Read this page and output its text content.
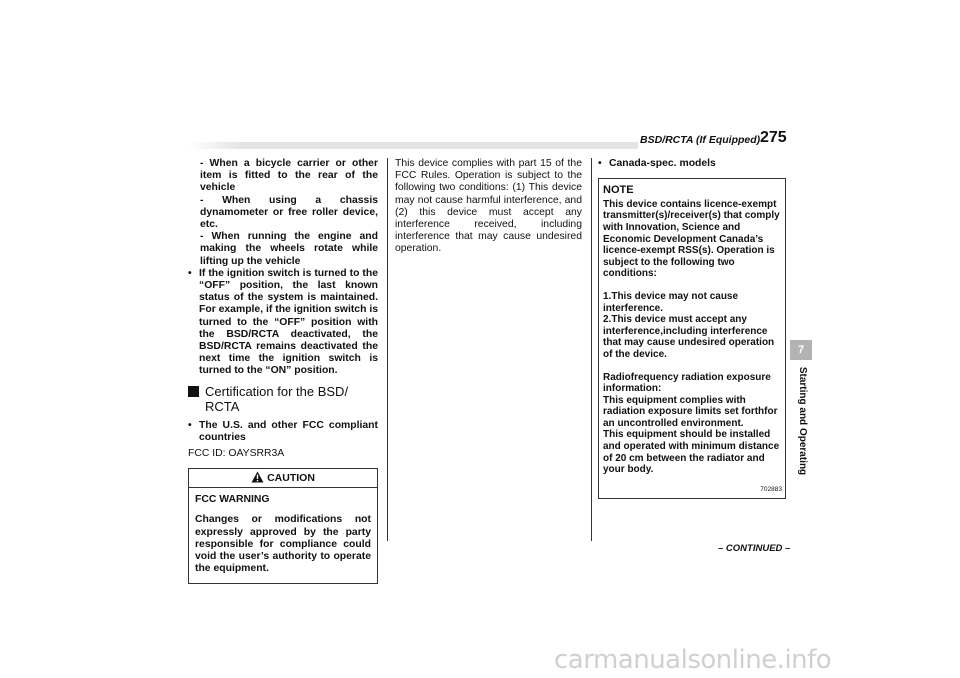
BSD/RCTA (If Equipped) 275
- When a bicycle carrier or other item is fitted to the rear of the vehicle
- When using a chassis dynamometer or free roller device, etc.
- When running the engine and making the wheels rotate while lifting up the vehicle
• If the ignition switch is turned to the “OFF” position, the last known status of the system is maintained. For example, if the ignition switch is turned to the “OFF” position with the BSD/RCTA deactivated, the BSD/RCTA remains deactivated the next time the ignition switch is turned to the “ON” position.
Certification for the BSD/ RCTA
• The U.S. and other FCC compliant countries
FCC ID: OAYSRR3A
CAUTION

FCC WARNING

Changes or modifications not expressly approved by the party responsible for compliance could void the user’s authority to operate the equipment.

This device complies with part 15 of the FCC Rules. Operation is subject to the following two conditions: (1) This device may not cause harmful interference, and (2) this device must accept any interference received, including interference that may cause undesired operation.

• Canada-spec. models
NOTE

This device contains licence-exempt transmitter(s)/receiver(s) that comply with Innovation, Science and Economic Development Canada’s licence-exempt RSS(s). Operation is subject to the following two conditions:

1.This device may not cause interference.

2.This device must accept any interference,including interference that may cause undesired operation of the device.

Radiofrequency radiation exposure information:

This equipment complies with radiation exposure limits set forthfor an uncontrolled environment.

This equipment should be installed and operated with minimum distance of 20 cm between the radiator and your body.

702883
7
Starting and Operating
– CONTINUED –
carmanualsonline.info
